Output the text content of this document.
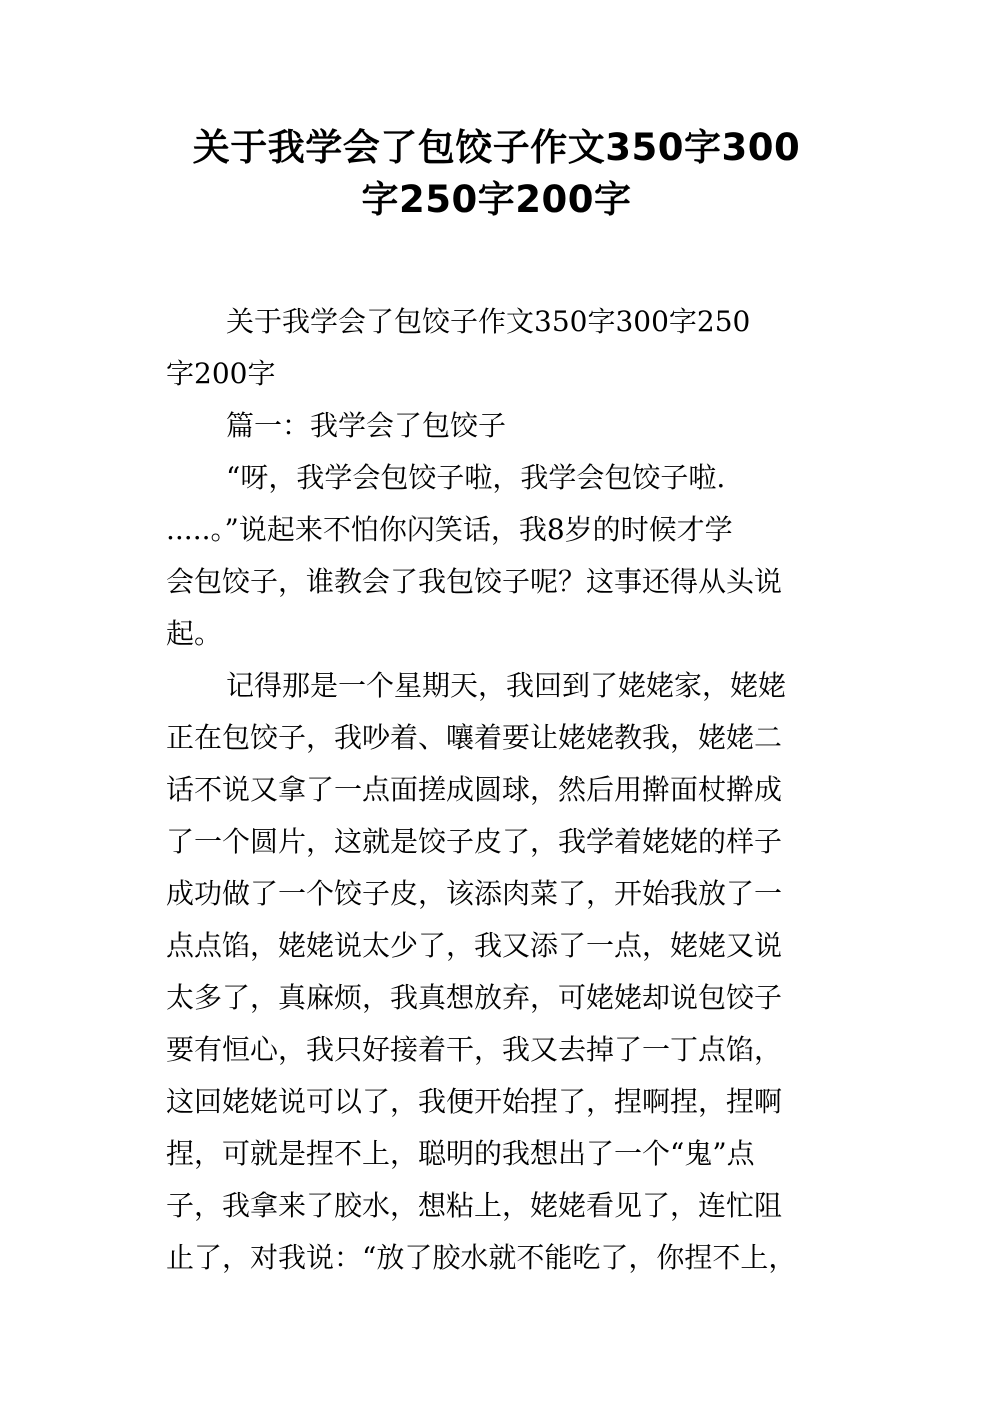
关于我学会了包饺子作文350字300
字250字200字

关于我学会了包饺子作文350字300字250
字200字

篇一：我学会了包饺子

“呀，我学会包饺子啦，我学会包饺子啦.
.....。”说起来不怕你闪笑话，我8岁的时候才学
会包饺子，谁教会了我包饺子呢？这事还得从头说
起。

记得那是一个星期天，我回到了姥姥家，姥姥
正在包饺子，我吵着、嚷着要让姥姥教我，姥姥二
话不说又拿了一点面搓成圆球，然后用擀面杖擀成
了一个圆片，这就是饺子皮了，我学着姥姥的样子
成功做了一个饺子皮，该添肉菜了，开始我放了一
点点馅，姥姥说太少了，我又添了一点，姥姥又说
太多了，真麻烦，我真想放弃，可姥姥却说包饺子
要有恒心，我只好接着干，我又去掉了一丁点馅，
这回姥姥说可以了，我便开始捏了，捏啊捏，捏啊
捏，可就是捏不上，聪明的我想出了一个“鬼”点
子，我拿来了胶水，想粘上，姥姥看见了，连忙阻
止了，对我说：“放了胶水就不能吃了，你捏不上，
